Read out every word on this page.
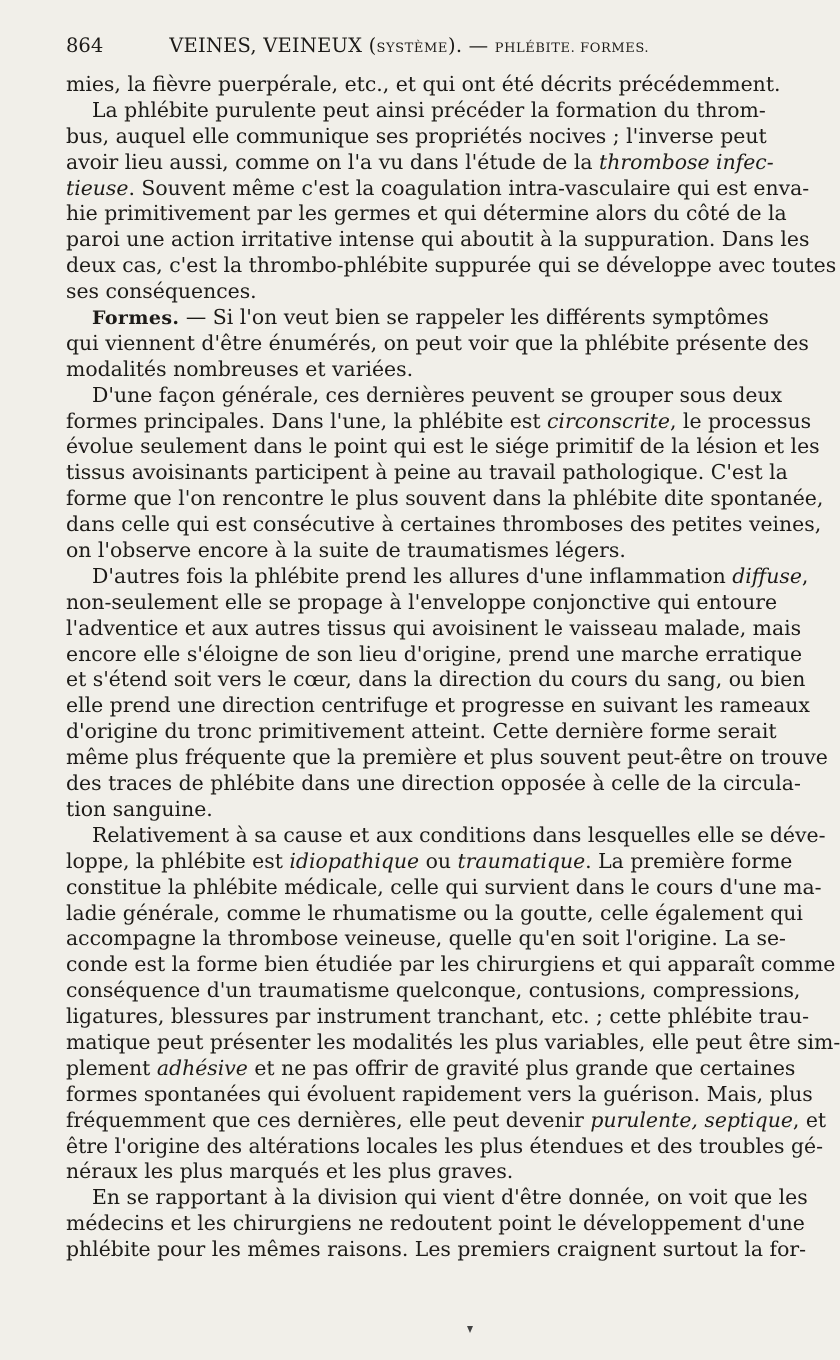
864	VEINES, VEINEUX (SYSTÈME). — PHLÉBITE. FORMES.
mies, la fièvre puerpérale, etc., et qui ont été décrits précédemment.
La phlébite purulente peut ainsi précéder la formation du throm-
bus, auquel elle communique ses propriétés nocives ; l'inverse peut
avoir lieu aussi, comme on l'a vu dans l'étude de la thrombose infec-
tieuse. Souvent même c'est la coagulation intra-vasculaire qui est enva-
hie primitivement par les germes et qui détermine alors du côté de la
paroi une action irritative intense qui aboutit à la suppuration. Dans les
deux cas, c'est la thrombo-phlébite suppurée qui se développe avec toutes
ses conséquences.
Formes. — Si l'on veut bien se rappeler les différents symptômes
qui viennent d'être énumérés, on peut voir que la phlébite présente des
modalités nombreuses et variées.
D'une façon générale, ces dernières peuvent se grouper sous deux
formes principales. Dans l'une, la phlébite est circonscrite, le processus
évolue seulement dans le point qui est le siége primitif de la lésion et les
tissus avoisinants participent à peine au travail pathologique. C'est la
forme que l'on rencontre le plus souvent dans la phlébite dite spontanée,
dans celle qui est consécutive à certaines thromboses des petites veines,
on l'observe encore à la suite de traumatismes légers.
D'autres fois la phlébite prend les allures d'une inflammation diffuse,
non-seulement elle se propage à l'enveloppe conjonctive qui entoure
l'adventice et aux autres tissus qui avoisinent le vaisseau malade, mais
encore elle s'éloigne de son lieu d'origine, prend une marche erratique
et s'étend soit vers le cœur, dans la direction du cours du sang, ou bien
elle prend une direction centrifuge et progresse en suivant les rameaux
d'origine du tronc primitivement atteint. Cette dernière forme serait
même plus fréquente que la première et plus souvent peut-être on trouve
des traces de phlébite dans une direction opposée à celle de la circula-
tion sanguine.
Relativement à sa cause et aux conditions dans lesquelles elle se déve-
loppe, la phlébite est idiopathique ou traumatique. La première forme
constitue la phlébite médicale, celle qui survient dans le cours d'une ma-
ladie générale, comme le rhumatisme ou la goutte, celle également qui
accompagne la thrombose veineuse, quelle qu'en soit l'origine. La se-
conde est la forme bien étudiée par les chirurgiens et qui apparaît comme
conséquence d'un traumatisme quelconque, contusions, compressions,
ligatures, blessures par instrument tranchant, etc. ; cette phlébite trau-
matique peut présenter les modalités les plus variables, elle peut être sim-
plement adhésive et ne pas offrir de gravité plus grande que certaines
formes spontanées qui évoluent rapidement vers la guérison. Mais, plus
fréquemment que ces dernières, elle peut devenir purulente, septique, et
être l'origine des altérations locales les plus étendues et des troubles gé-
néraux les plus marqués et les plus graves.
En se rapportant à la division qui vient d'être donnée, on voit que les
médecins et les chirurgiens ne redoutent point le développement d'une
phlébite pour les mêmes raisons. Les premiers craignent surtout la for-
